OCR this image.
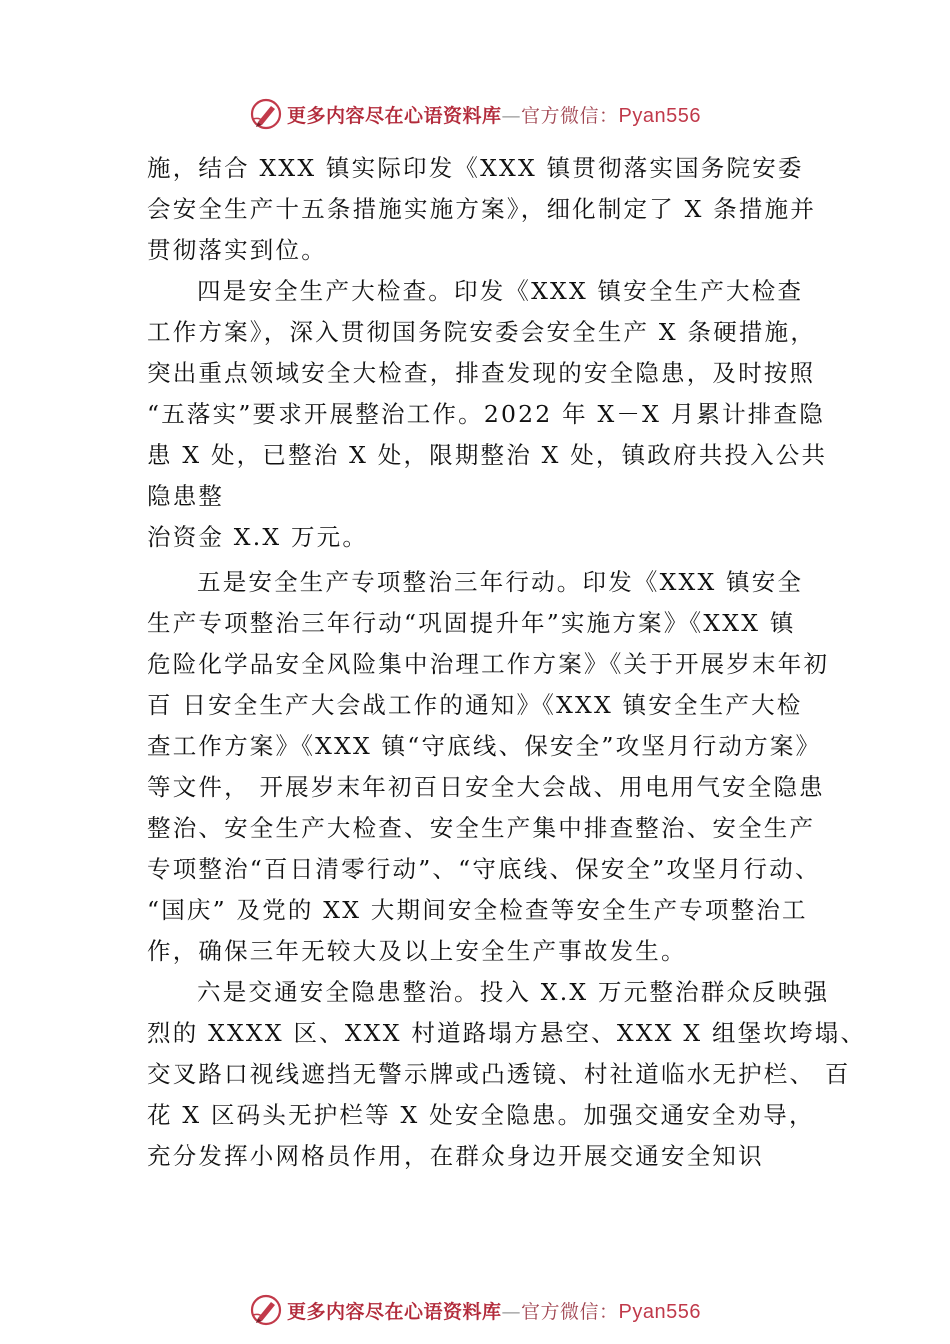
更多内容尽在心语资料库—官方微信：Pyan556
施，结合 XXX 镇实际印发《XXX 镇贯彻落实国务院安委
会安全生产十五条措施实施方案》，细化制定了 X 条措施并
贯彻落实到位。
四是安全生产大检查。印发《XXX 镇安全生产大检查
工作方案》，深入贯彻国务院安委会安全生产 X 条硬措施，
突出重点领域安全大检查，排查发现的安全隐患，及时按照
“五落实”要求开展整治工作。2022 年 X－X 月累计排查隐
患 X 处，已整治 X 处，限期整治 X 处，镇政府共投入公共
隐患整
治资金 X.X 万元。
五是安全生产专项整治三年行动。印发《XXX 镇安全
生产专项整治三年行动“巩固提升年”实施方案》《XXX 镇
危险化学品安全风险集中治理工作方案》《关于开展岁末年初
百 日安全生产大会战工作的通知》《XXX 镇安全生产大检
查工作方案》《XXX 镇“守底线、保安全”攻坚月行动方案》
等文件， 开展岁末年初百日安全大会战、用电用气安全隐患
整治、安全生产大检查、安全生产集中排查整治、安全生产
专项整治“百日清零行动”、“守底线、保安全”攻坚月行动、
“国庆” 及党的 XX 大期间安全检查等安全生产专项整治工
作，确保三年无较大及以上安全生产事故发生。
六是交通安全隐患整治。投入 X.X 万元整治群众反映强
烈的 XXXX 区、XXX 村道路塌方悬空、XXX X 组堡坎垮塌、
交叉路口视线遮挡无警示牌或凸透镜、村社道临水无护栏、 百
花 X 区码头无护栏等 X 处安全隐患。加强交通安全劝导，
充分发挥小网格员作用，在群众身边开展交通安全知识
更多内容尽在心语资料库—官方微信：Pyan556
